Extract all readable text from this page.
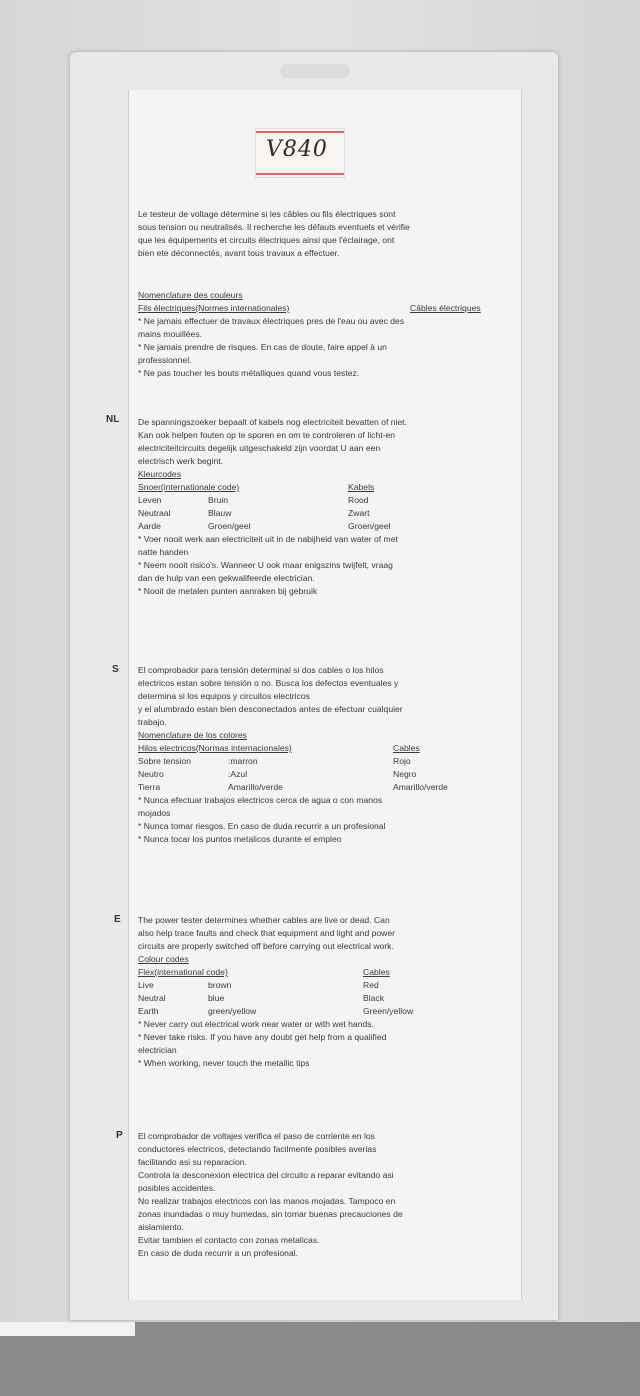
V840

Le testeur de voltage détermine si les câbles ou fils électriques sont

sous tension ou neutralisés. Il recherche les défauts eventuels et vérifie

que les équipements et circuits électriques ainsi que l'éclairage, ont

bien ete déconnectés, avant tous travaux a effectuer.

Nomenclature des couleurs

Fils électriques(Normes internationales)	Câbles électriques

* Ne jamais effectuer de travaux électriques pres de l'eau ou avec des

mains mouillées.

* Ne jamais prendre de risques. En cas de doute, faire appel à un

professionnel.

* Ne pas toucher les bouts métalliques quand vous testez.

NL De spanningszoeker bepaalt of kabels nog electriciteit bevatten of niet.

Kan ook helpen fouten op te sporen en om te controleren of licht-en

electriciteitcircuits degelijk uitgeschakeld zijn voordat U aan een

electrisch werk begint.

Kleurcodes

Snoer(internationale code)	Kabels
Leven	Bruin	Rood
Neutraal	Blauw	Zwart
Aarde	Groen/geel	Groen/geel

* Voer nooit werk aan electriciteit uit in de nabijheid van water of met

natte handen

* Neem nooit risico's. Wanneer U ook maar enigszins twijfelt, vraag

dan de hulp van een gekwalifeerde electrician.

* Nooit de metalen punten aanraken bij gebruik

S El comprobador para tensión determinal si dos cables o los hilos

electricos estan sobre tensión o no. Busca los defectos eventuales y

determina si los equipos y circuitos electricos

y el alumbrado estan bien desconectados antes de efectuar cualquier

trabajo.

Nomenclature de los colores

Hilos electricos(Normas internacionales)	Cables
Sobre tension	:marron	Rojo
Neutro	:Azul	Negro
Tierra	Amarillo/verde	Amarillo/verde

* Nunca efectuar trabajos electricos cerca de agua o con manos

mojados

* Nunca tomar riesgos. En caso de duda recurrir a un profesional

* Nunca tocar los puntos metalicos durante el empleo

E The power tester determines whether cables are live or dead. Can

also help trace faults and check that equipment and light and power

circuits are properly switched off before carrying out electrical work.

Colour codes

Flex(international code)	Cables
Live	brown	Red
Neutral	blue	Black
Earth	green/yellow	Green/yellow

* Never carry out electrical work near water or with wet hands.

* Never take risks. If you have any doubt get help from a qualified

electrician

* When working, never touch the metallic tips

P El comprobador de voltajes verifica el paso de corriente en los

conductores electricos, detectando facilmente posibles averias

facilitando asi su reparacion.

Controla la desconexion electrica del circuito a reparar evitando asi

posibles accidentes.

No realizar trabajos electricos con las manos mojadas. Tampoco en

zonas inundadas o muy humedas, sin tomar buenas precauciones de

aislamiento.

Evitar tambien el contacto con zonas metalicas.

En caso de duda recurrir a un profesional.
